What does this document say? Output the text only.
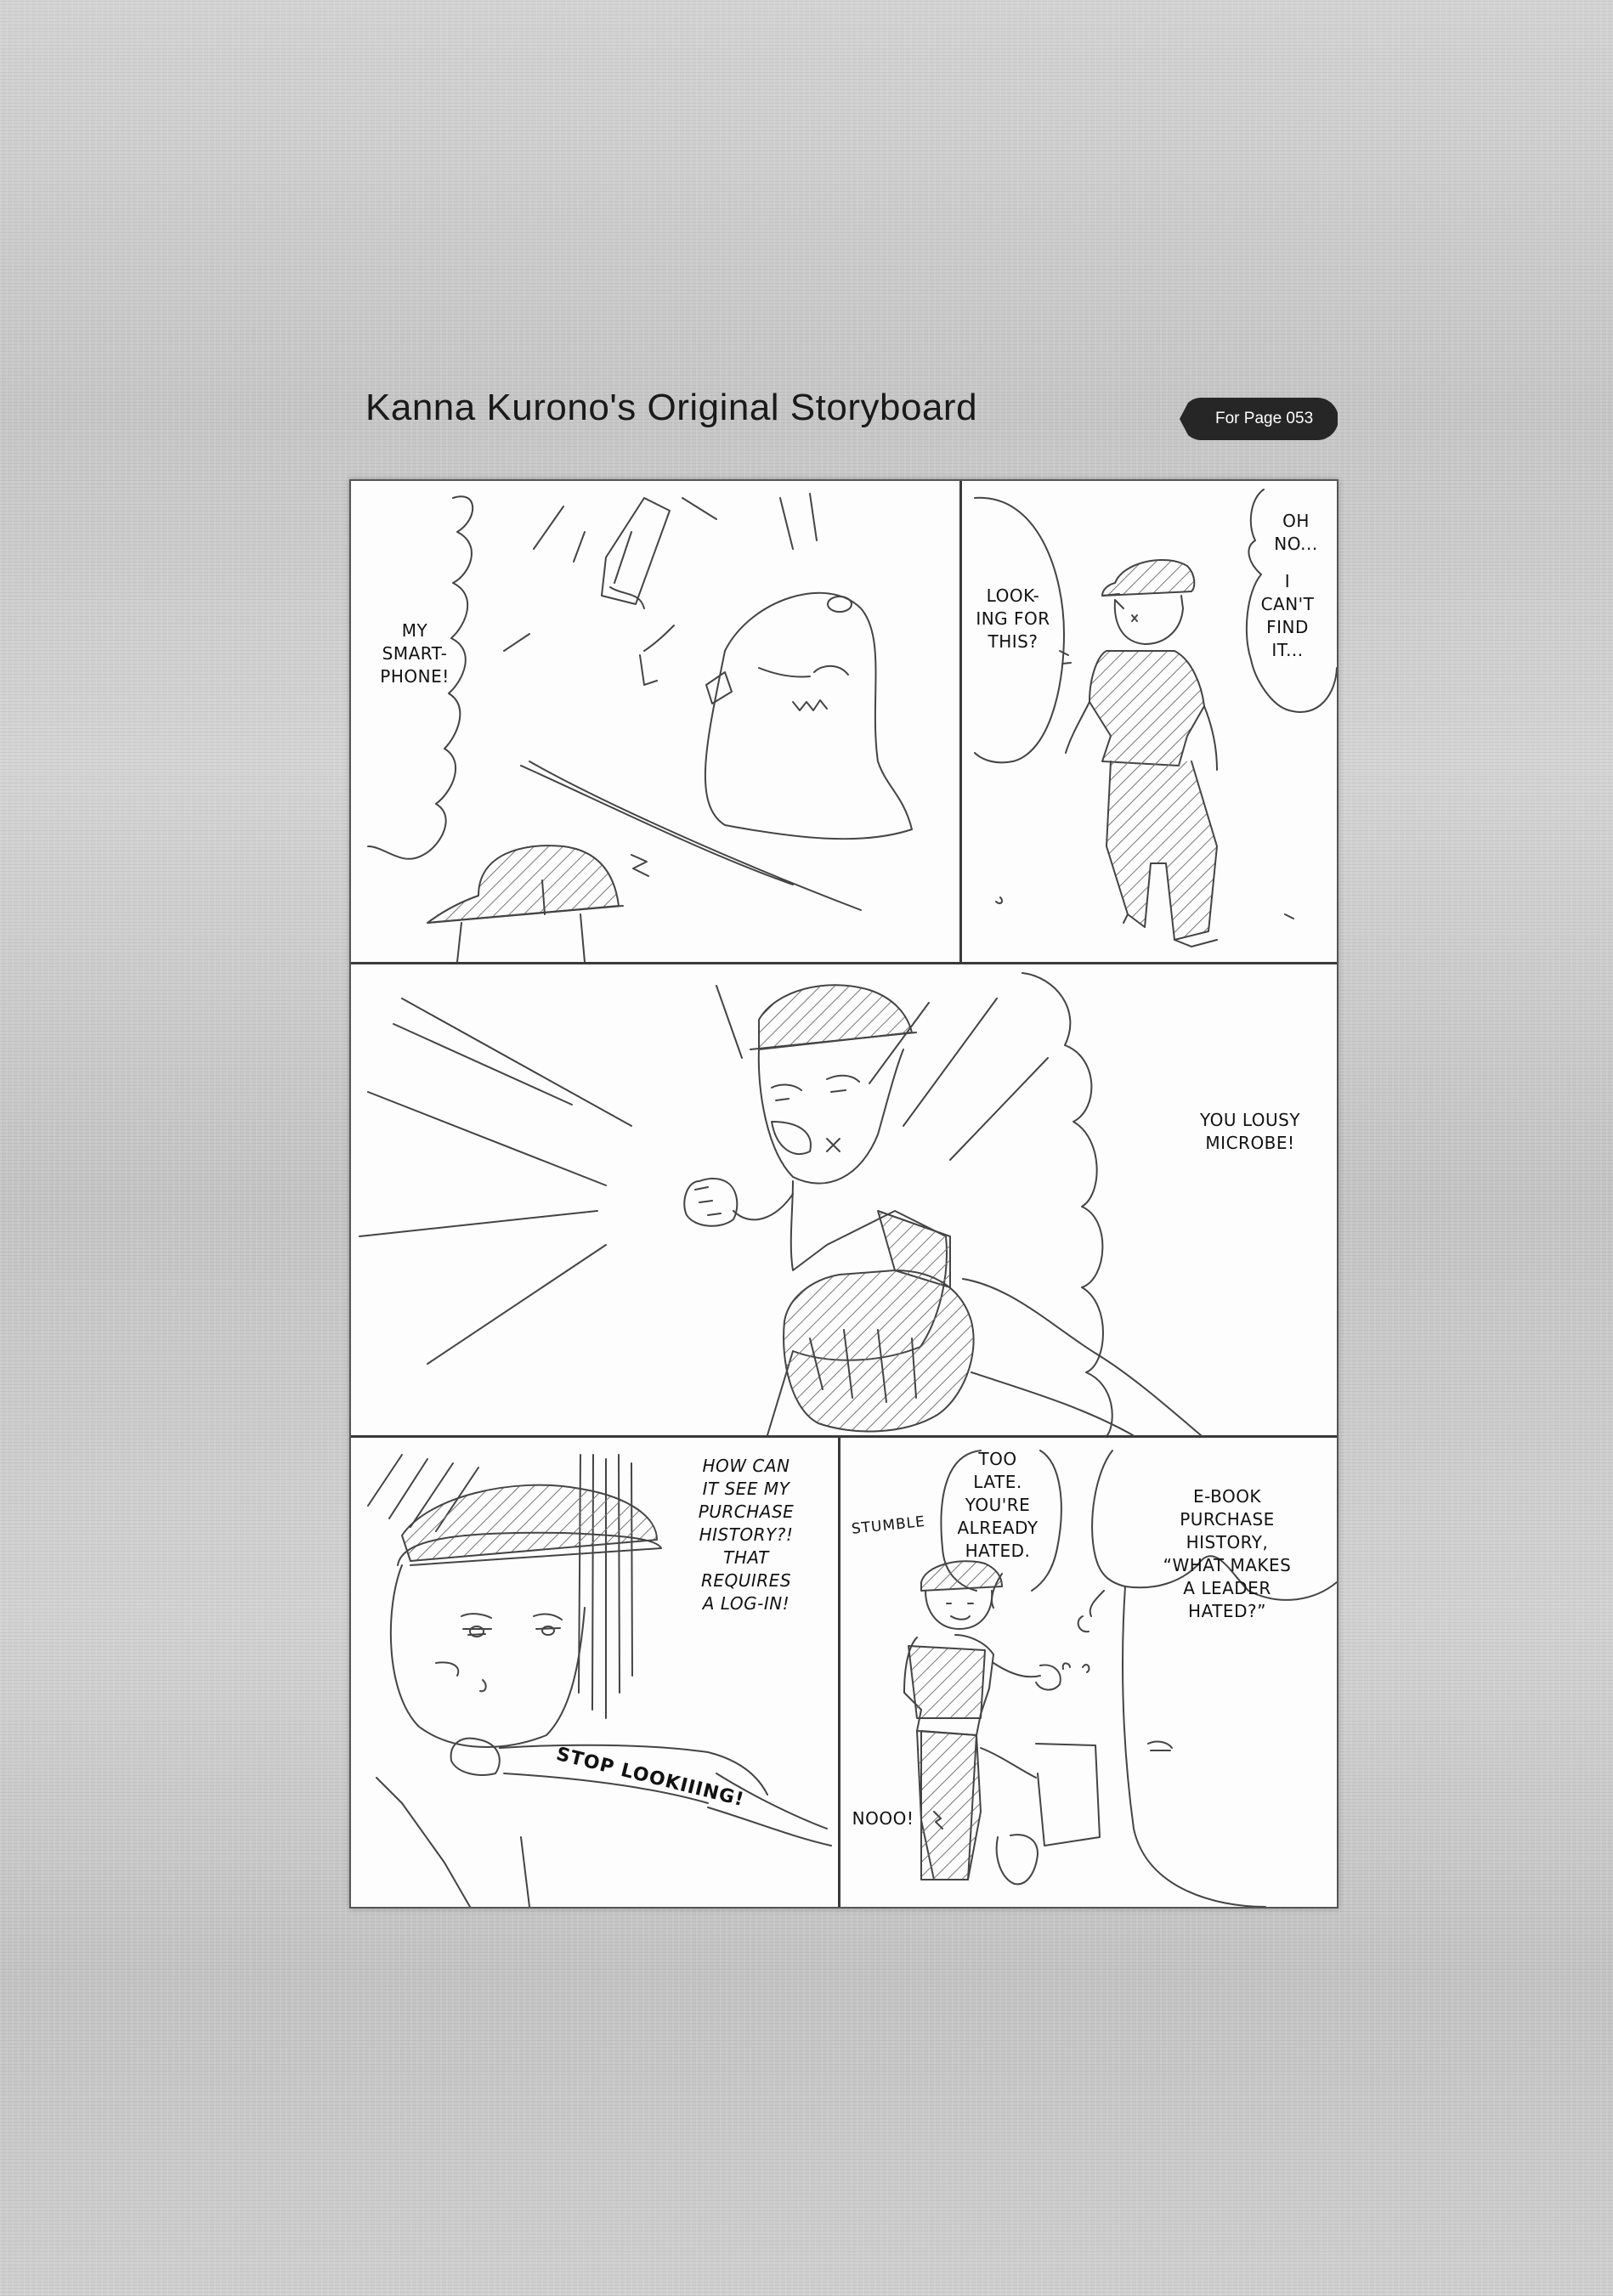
Kanna Kurono's Original Storyboard	For Page 053
MY
SMART-
PHONE!
LOOK-
ING FOR
THIS?
OH
NO...
I
CAN'T
FIND
IT...
YOU LOUSY
MICROBE!
HOW CAN
IT SEE MY
PURCHASE
HISTORY?!
THAT
REQUIRES
A LOG-IN!
STOP LOOKIIING!
TOO
LATE.
YOU'RE
ALREADY
HATED.
E-BOOK
PURCHASE
HISTORY,
“WHAT MAKES
A LEADER
HATED?”
NOOO!
STUMBLE
